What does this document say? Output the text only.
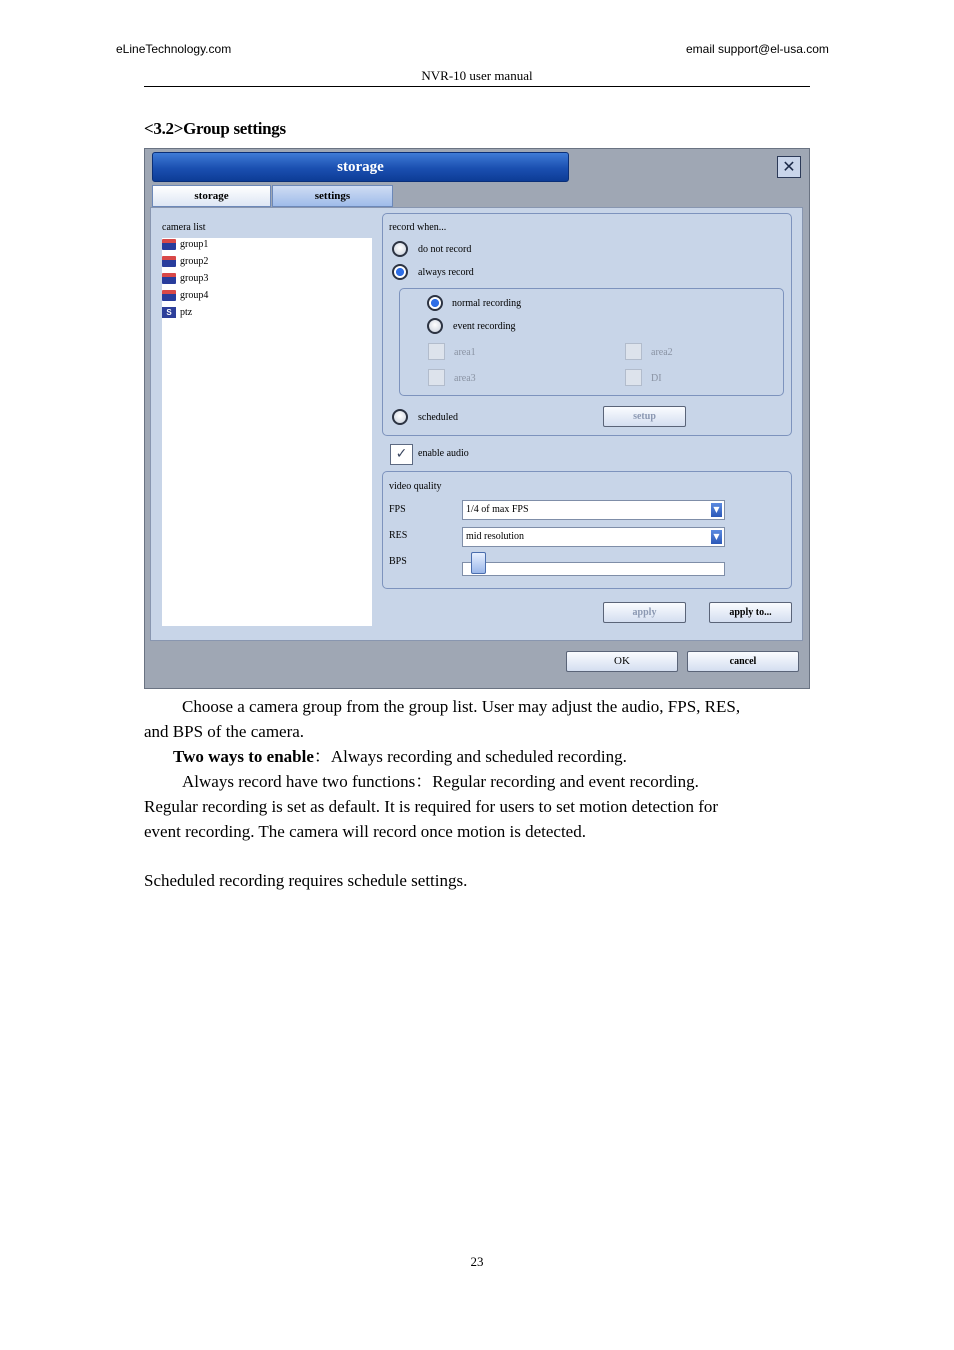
eLineTechnology.com	email support@el-usa.com
NVR-10 user manual
<3.2>Group settings
storage	✕
storage	settings
camera list
group1
group2
group3
group4
S ptz
record when...
do not record
always record
normal recording
event recording
area1	area2
area3	DI
scheduled	setup
✓	enable audio
video quality
FPS	1/4 of max FPS	▼
RES	mid resolution	▼
BPS
apply	apply to...
OK	cancel
Choose a camera group from the group list. User may adjust the audio, FPS, RES,
and BPS of the camera.
Two ways to enable：Always recording and scheduled recording.
Always record have two functions：Regular recording and event recording.
Regular recording is set as default. It is required for users to set motion detection for
event recording. The camera will record once motion is detected.
Scheduled recording requires schedule settings.
23
